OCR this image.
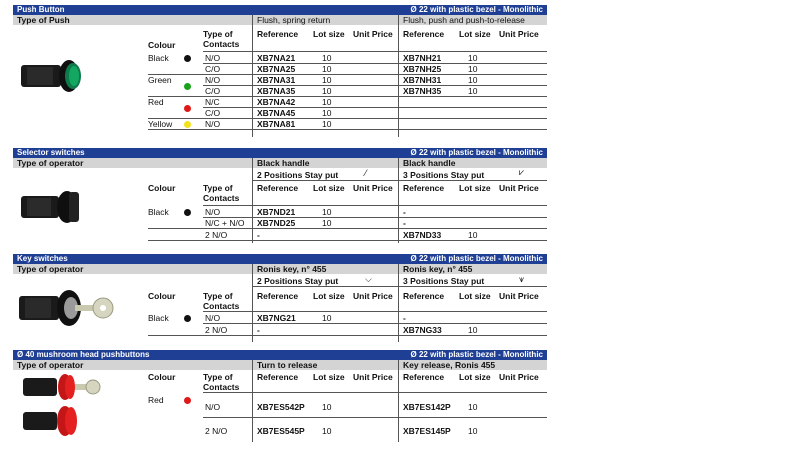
Push Button	Ø 22 with plastic bezel - Monolithic
Type of Push	Flush, spring return	Flush, push and push-to-release
Colour
Type of Contacts
Reference Lot size Unit Price Reference Lot size Unit Price
Black	N/O	XB7NA21	10	XB7NH21	10
C/O	XB7NA25	10	XB7NH25	10
Green	N/O	XB7NA31	10	XB7NH31	10
C/O	XB7NA35	10	XB7NH35	10
Red	N/C	XB7NA42	10
C/O	XB7NA45	10
Yellow	N/O	XB7NA81	10
Selector switches	Ø 22 with plastic bezel - Monolithic
Type of operator	Black handle	Black handle
2 Positions Stay put	⁄	3 Positions Stay put	⩗
Colour	Type of Contacts
Reference Lot size Unit Price Reference Lot size Unit Price
Black	N/O	XB7ND21	10	-
N/C + N/O XB7ND25	10	-
2 N/O	-	XB7ND33	10
Key switches	Ø 22 with plastic bezel - Monolithic
Type of operator	Ronis key, n° 455	Ronis key, n° 455
2 Positions Stay put	⌵	3 Positions Stay put	⩛
Colour	Type of Contacts
Reference Lot size Unit Price Reference Lot size Unit Price
Black	N/O	XB7NG21	10	-
2 N/O	-	XB7NG33	10
Ø 40 mushroom head pushbuttons	Ø 22 with plastic bezel - Monolithic
Type of operator	Turn to release	Key release, Ronis 455
Colour	Type of Contacts
Reference Lot size Unit Price Reference Lot size Unit Price
Red
N/O	XB7ES542P 10	XB7ES142P 10
2 N/O	XB7ES545P 10	XB7ES145P 10
